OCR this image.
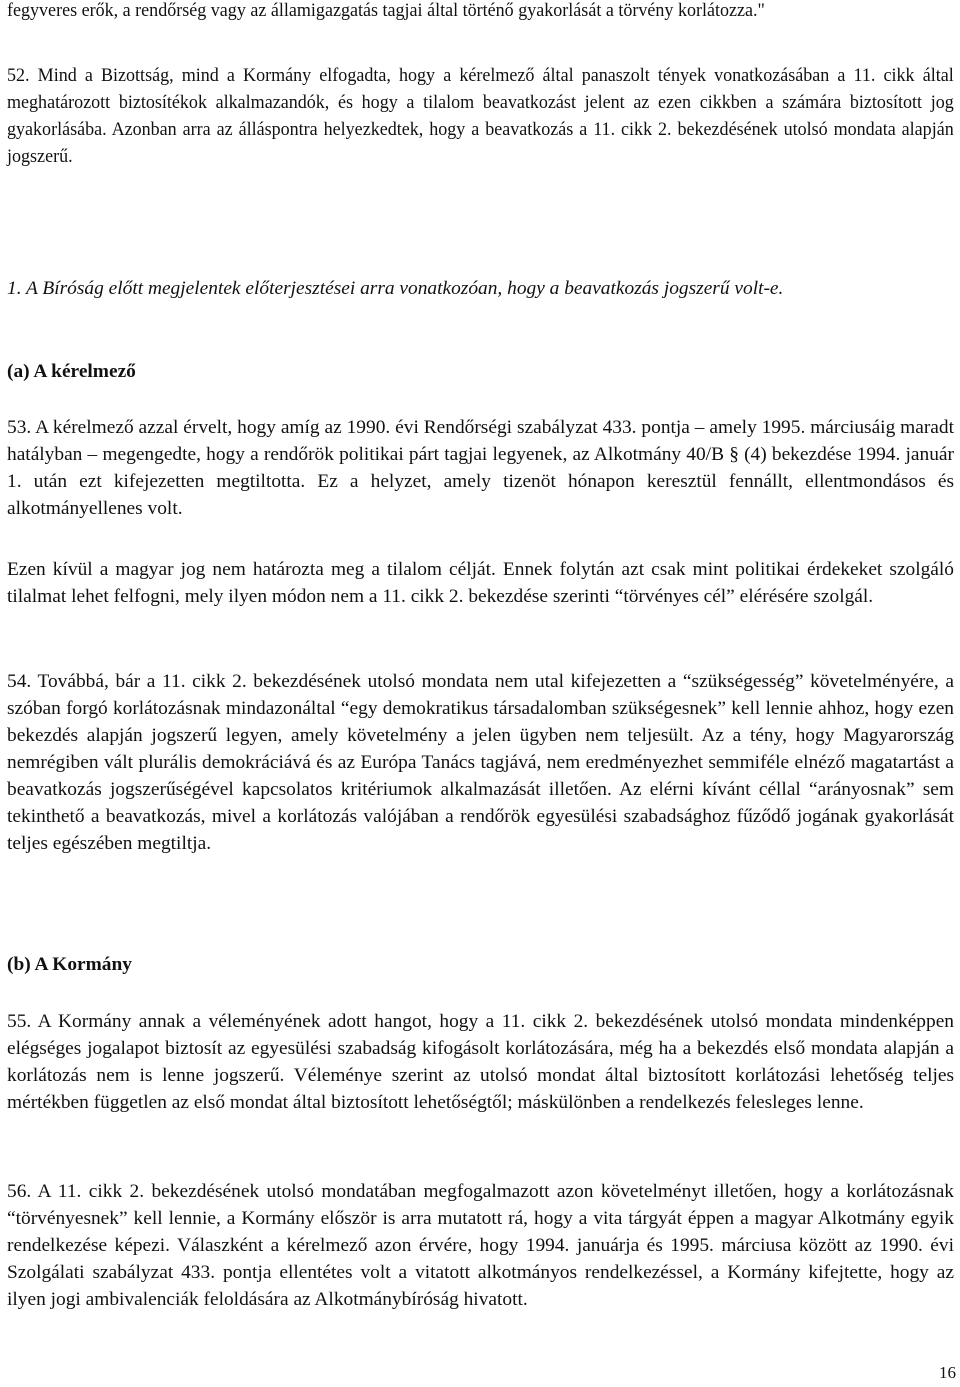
fegyveres erők, a rendőrség vagy az államigazgatás tagjai által történő gyakorlását a törvény korlátozza."

52. Mind a Bizottság, mind a Kormány elfogadta, hogy a kérelmező által panaszolt tények vonatkozásában a 11. cikk által meghatározott biztosítékok alkalmazandók, és hogy a tilalom beavatkozást jelent az ezen cikkben a számára biztosított jog gyakorlásába. Azonban arra az álláspontra helyezkedtek, hogy a beavatkozás a 11. cikk 2. bekezdésének utolsó mondata alapján jogszerű.

1. A Bíróság előtt megjelentek előterjesztései arra vonatkozóan, hogy a beavatkozás jogszerű volt-e.

(a) A kérelmező

53. A kérelmező azzal érvelt, hogy amíg az 1990. évi Rendőrségi szabályzat 433. pontja – amely 1995. márciusáig maradt hatályban – megengedte, hogy a rendőrök politikai párt tagjai legyenek, az Alkotmány 40/B § (4) bekezdése 1994. január 1. után ezt kifejezetten megtiltotta. Ez a helyzet, amely tizenöt hónapon keresztül fennállt, ellentmondásos és alkotmányellenes volt.

Ezen kívül a magyar jog nem határozta meg a tilalom célját. Ennek folytán azt csak mint politikai érdekeket szolgáló tilalmat lehet felfogni, mely ilyen módon nem a 11. cikk 2. bekezdése szerinti “törvényes cél” elérésére szolgál.

54. Továbbá, bár a 11. cikk 2. bekezdésének utolsó mondata nem utal kifejezetten a “szükségesség” követelményére, a szóban forgó korlátozásnak mindazonáltal “egy demokratikus társadalomban szükségesnek” kell lennie ahhoz, hogy ezen bekezdés alapján jogszerű legyen, amely követelmény a jelen ügyben nem teljesült. Az a tény, hogy Magyarország nemrégiben vált plurális demokráciává és az Európa Tanács tagjává, nem eredményezhet semmiféle elnéző magatartást a beavatkozás jogszerűségével kapcsolatos kritériumok alkalmazását illetően. Az elérni kívánt céllal “arányosnak” sem tekinthető a beavatkozás, mivel a korlátozás valójában a rendőrök egyesülési szabadsághoz fűződő jogának gyakorlását teljes egészében megtiltja.

(b) A Kormány

55. A Kormány annak a véleményének adott hangot, hogy a 11. cikk 2. bekezdésének utolsó mondata mindenképpen elégséges jogalapot biztosít az egyesülési szabadság kifogásolt korlátozására, még ha a bekezdés első mondata alapján a korlátozás nem is lenne jogszerű. Véleménye szerint az utolsó mondat által biztosított korlátozási lehetőség teljes mértékben független az első mondat által biztosított lehetőségtől; máskülönben a rendelkezés felesleges lenne.

56. A 11. cikk 2. bekezdésének utolsó mondatában megfogalmazott azon követelményt illetően, hogy a korlátozásnak “törvényesnek” kell lennie, a Kormány először is arra mutatott rá, hogy a vita tárgyát éppen a magyar Alkotmány egyik rendelkezése képezi. Válaszként a kérelmező azon érvére, hogy 1994. januárja és 1995. márciusa között az 1990. évi Szolgálati szabályzat 433. pontja ellentétes volt a vitatott alkotmányos rendelkezéssel, a Kormány kifejtette, hogy az ilyen jogi ambivalenciák feloldására az Alkotmánybíróság hivatott.

16
